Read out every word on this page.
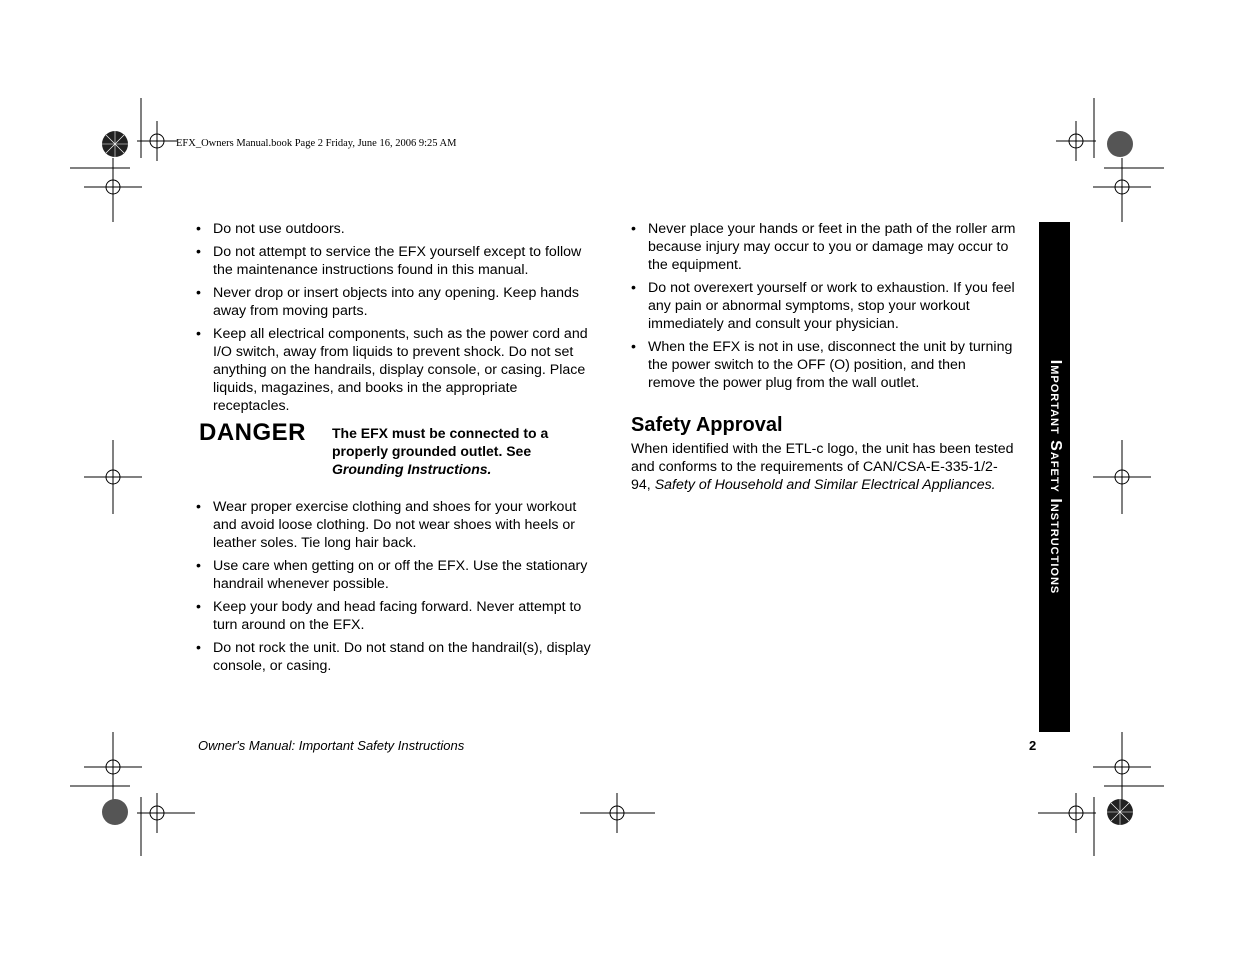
EFX_Owners Manual.book Page 2 Friday, June 16, 2006 9:25 AM
• Do not use outdoors.
• Do not attempt to service the EFX yourself except to follow the maintenance instructions found in this manual.
• Never drop or insert objects into any opening. Keep hands away from moving parts.
• Keep all electrical components, such as the power cord and I/O switch, away from liquids to prevent shock. Do not set anything on the handrails, display console, or casing. Place liquids, magazines, and books in the appropriate receptacles.
DANGER The EFX must be connected to a properly grounded outlet. See Grounding Instructions.
• Wear proper exercise clothing and shoes for your workout and avoid loose clothing. Do not wear shoes with heels or leather soles. Tie long hair back.
• Use care when getting on or off the EFX. Use the stationary handrail whenever possible.
• Keep your body and head facing forward. Never attempt to turn around on the EFX.
• Do not rock the unit. Do not stand on the handrail(s), display console, or casing.
• Never place your hands or feet in the path of the roller arm because injury may occur to you or damage may occur to the equipment.
• Do not overexert yourself or work to exhaustion. If you feel any pain or abnormal symptoms, stop your workout immediately and consult your physician.
• When the EFX is not in use, disconnect the unit by turning the power switch to the OFF (O) position, and then remove the power plug from the wall outlet.
Safety Approval

When identified with the ETL-c logo, the unit has been tested and conforms to the requirements of CAN/CSA-E-335-1/2-94, Safety of Household and Similar Electrical Appliances.	Important Safety Instructions
Owner's Manual: Important Safety Instructions	2
